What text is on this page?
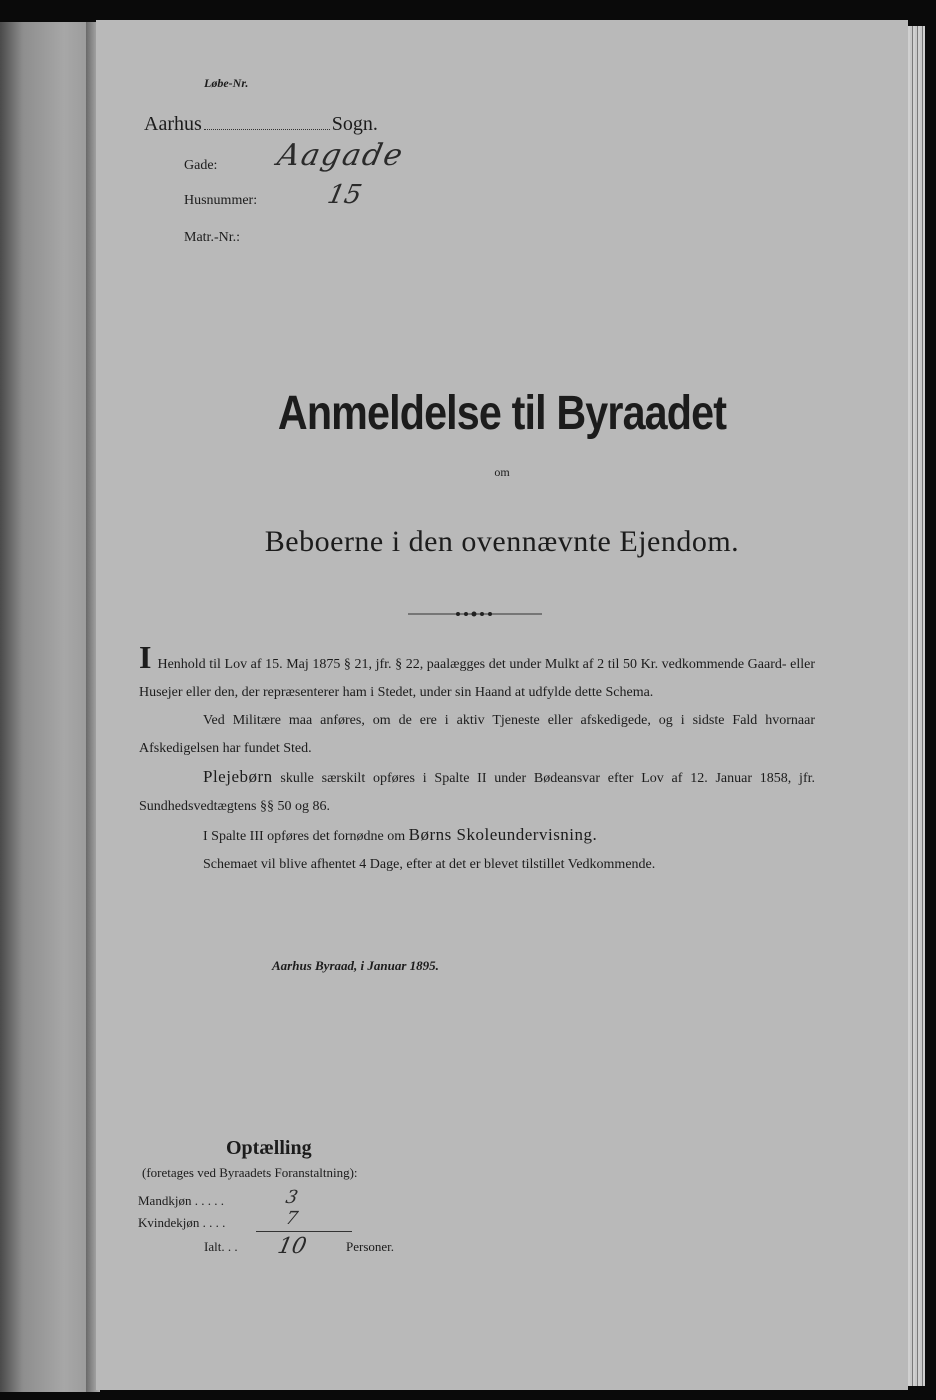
Løbe-Nr.
Aarhus	Sogn.
Gade: Aagade
Husnummer:	15
Matr.-Nr.:
Anmeldelse til Byraadet
om
Beboerne i den ovennævnte Ejendom.

I Henhold til Lov af 15. Maj 1875 § 21, jfr. § 22, paalægges det under Mulkt af 2 til 50 Kr. vedkommende Gaard- eller Husejer eller den, der repræsenterer ham i Stedet, under sin Haand at udfylde dette Schema.

Ved Militære maa anføres, om de ere i aktiv Tjeneste eller afskedigede, og i sidste Fald hvornaar Afskedigelsen har fundet Sted.

Plejebørn skulle særskilt opføres i Spalte II under Bødeansvar efter Lov af 12. Januar 1858, jfr. Sundhedsvedtægtens §§ 50 og 86.

I Spalte III opføres det fornødne om Børns Skoleundervisning.

Schemaet vil blive afhentet 4 Dage, efter at det er blevet tilstillet Vedkommende.

Aarhus Byraad, i Januar 1895.
Optælling
(foretages ved Byraadets Foranstaltning):
Mandkjøn . . . . .	3
Kvindekjøn . . . .	7
Ialt. . . 10	Personer.
